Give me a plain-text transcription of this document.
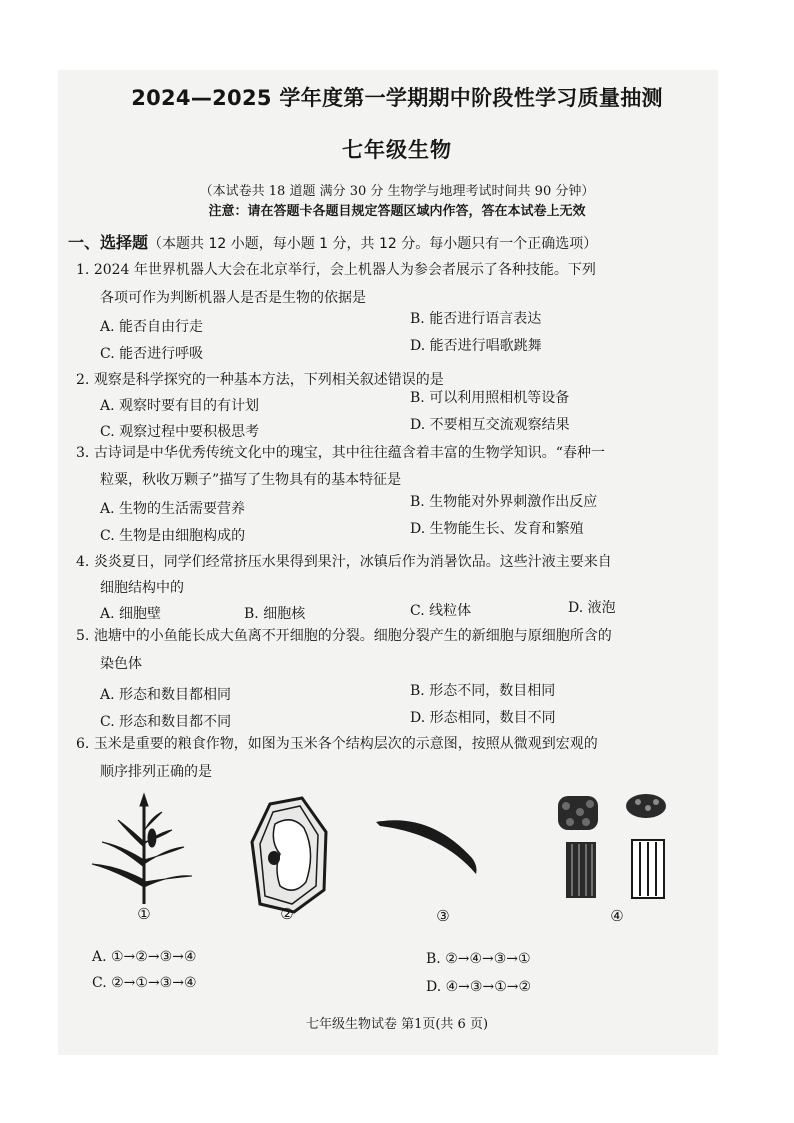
2024—2025 学年度第一学期期中阶段性学习质量抽测
七年级生物
（本试卷共 18 道题 满分 30 分 生物学与地理考试时间共 90 分钟）
注意：请在答题卡各题目规定答题区域内作答，答在本试卷上无效
一、选择题（本题共 12 小题，每小题 1 分，共 12 分。每小题只有一个正确选项）
1. 2024 年世界机器人大会在北京举行，会上机器人为参会者展示了各种技能。下列
各项可作为判断机器人是否是生物的依据是
A. 能否自由行走	B. 能否进行语言表达
C. 能否进行呼吸	D. 能否进行唱歌跳舞
2. 观察是科学探究的一种基本方法，下列相关叙述错误的是
A. 观察时要有目的有计划	B. 可以利用照相机等设备
C. 观察过程中要积极思考	D. 不要相互交流观察结果
3. 古诗词是中华优秀传统文化中的瑰宝，其中往往蕴含着丰富的生物学知识。“春种一
粒粟，秋收万颗子”描写了生物具有的基本特征是
A. 生物的生活需要营养	B. 生物能对外界刺激作出反应
C. 生物是由细胞构成的	D. 生物能生长、发育和繁殖
4. 炎炎夏日，同学们经常挤压水果得到果汁，冰镇后作为消暑饮品。这些汁液主要来自
细胞结构中的
A. 细胞壁	B. 细胞核	C. 线粒体	D. 液泡
5. 池塘中的小鱼能长成大鱼离不开细胞的分裂。细胞分裂产生的新细胞与原细胞所含的
染色体
A. 形态和数目都相同	B. 形态不同，数目相同
C. 形态和数目都不同	D. 形态相同，数目不同
6. 玉米是重要的粮食作物，如图为玉米各个结构层次的示意图，按照从微观到宏观的
顺序排列正确的是
①	②	③	④
A. ①→②→③→④	B. ②→④→③→①
C. ②→①→③→④	D. ④→③→①→②
七年级生物试卷 第1页(共 6 页)
